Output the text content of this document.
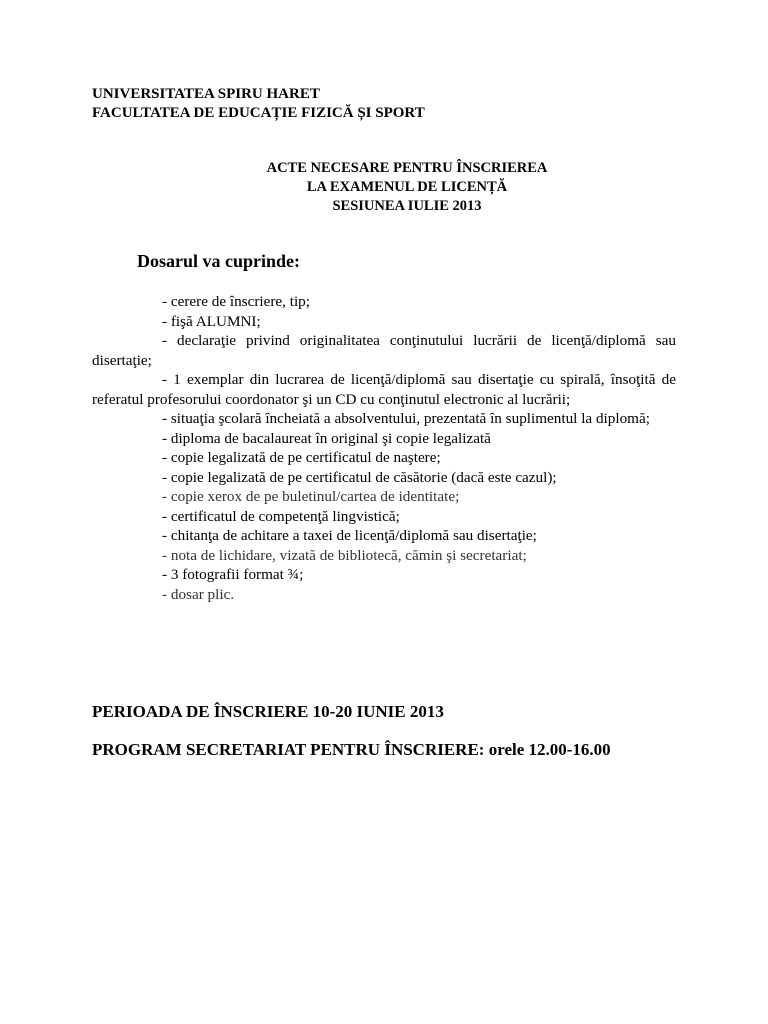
UNIVERSITATEA SPIRU HARET
FACULTATEA DE EDUCAȚIE FIZICĂ ȘI SPORT
ACTE NECESARE PENTRU ÎNSCRIEREA
LA EXAMENUL DE LICENȚĂ
SESIUNEA IULIE 2013
Dosarul va cuprinde:
- cerere de înscriere, tip;
- fişă ALUMNI;
- declaraţie privind originalitatea conţinutului lucrării de licenţă/diplomă sau disertaţie;
- 1 exemplar din lucrarea de licenţă/diplomă sau disertaţie cu spirală, însoţită de referatul profesorului coordonator şi un CD cu conţinutul electronic al lucrării;
- situaţia şcolară încheiată a absolventului, prezentată în suplimentul la diplomă;
- diploma de bacalaureat în original şi copie legalizată
- copie legalizată de pe certificatul de naştere;
- copie legalizată de pe certificatul de căsătorie (dacă este cazul);
- copie xerox de pe buletinul/cartea de identitate;
- certificatul de competenţă lingvistică;
- chitanţa de achitare a taxei de licenţă/diplomă sau disertaţie;
- nota de lichidare, vizată de bibliotecă, cămin şi secretariat;
- 3 fotografii format ¾;
- dosar plic.
PERIOADA DE ÎNSCRIERE 10-20 IUNIE 2013
PROGRAM SECRETARIAT PENTRU ÎNSCRIERE: orele 12.00-16.00
